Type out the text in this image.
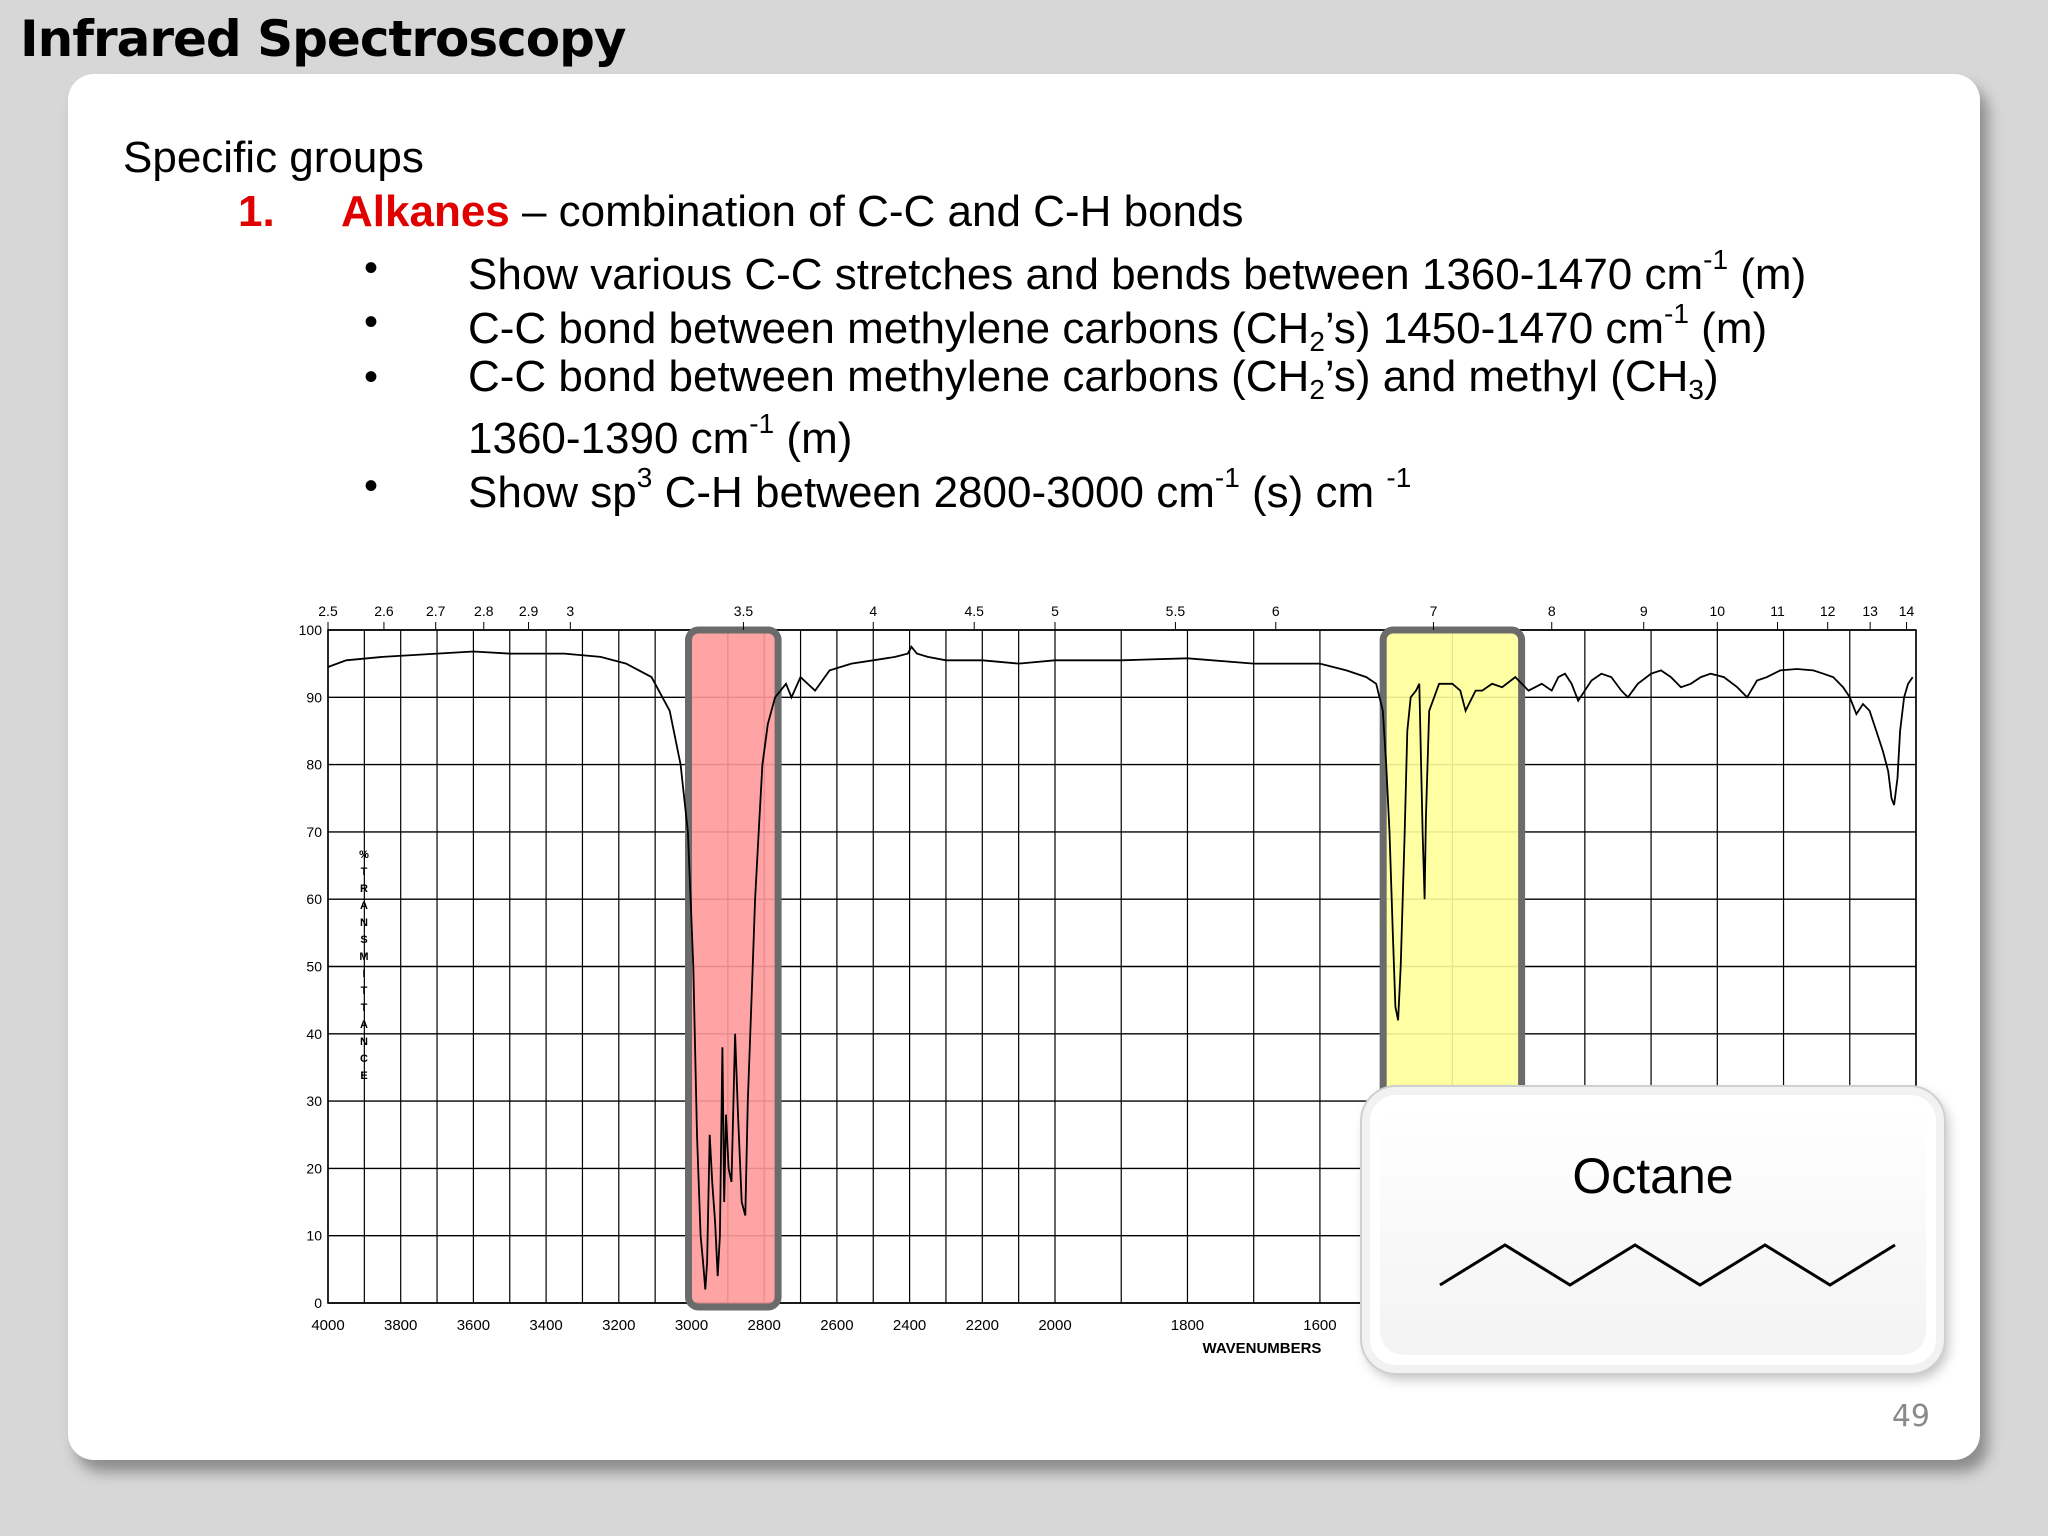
Infrared Spectroscopy
Specific groups
1. Alkanes – combination of C-C and C-H bonds
• Show various C-C stretches and bends between 1360-1470 $cm^{-1}$ (m)
• C-C bond between methylene carbons $(CH_2’s)$ 1450-1470 $cm^{-1}$ (m)
• C-C bond between methylene carbons $(CH_2’s)$ and methyl $(CH_3)$
1360-1390 $cm^{-1}$ (m)
• Show $sp^3$ C-H between 2800-3000 $cm^{-1}$ (s) cm $^{-1}$
49
100
90
80
70
60
50
40
30
20
10
0
4000	3800	3600	3400	3200	3000	2800	2600	2400	2200	2000	1800	1600
2.5	2.6 2.7 2.8 2.9 3	3.5	4	4.5	5	5.5	6	7	8	9	10	11	12 13 14
WAVENUMBERS
%
T
R
A
N
S
M
I
T
T
A
N
C
E
Octane
